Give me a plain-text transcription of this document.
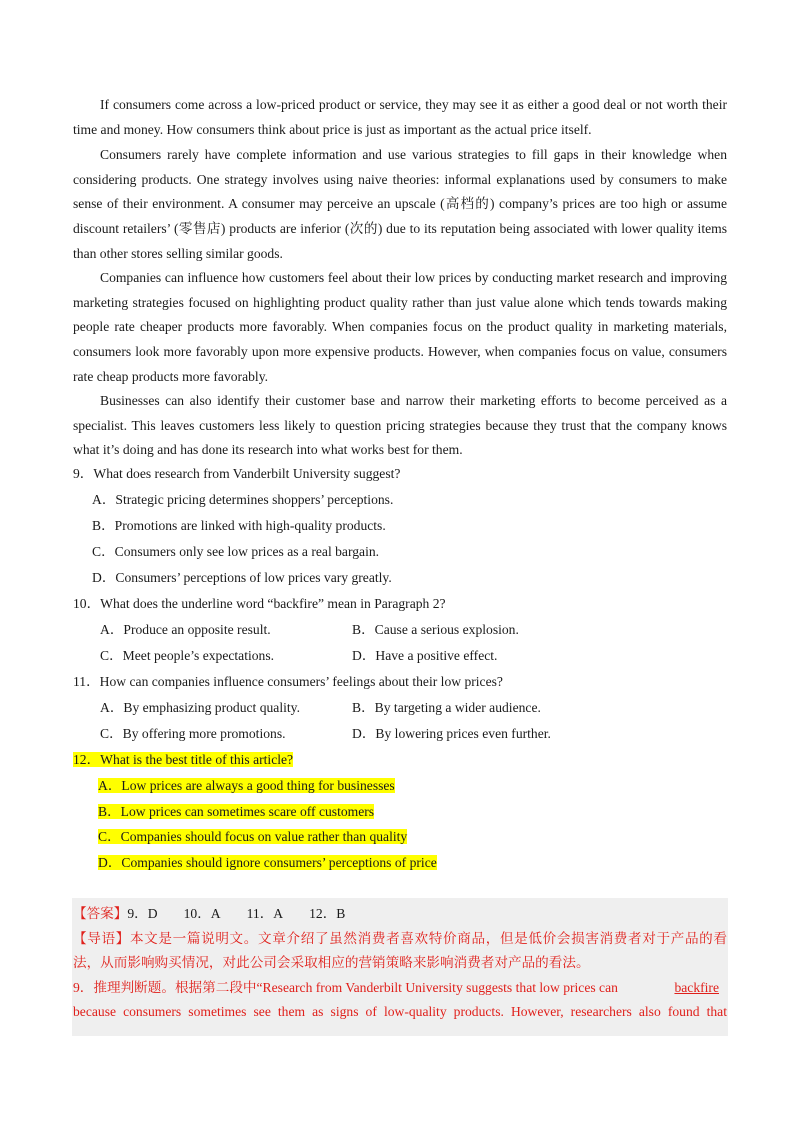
If consumers come across a low-priced product or service, they may see it as either a good deal or not worth their time and money. How consumers think about price is just as important as the actual price itself.

Consumers rarely have complete information and use various strategies to fill gaps in their knowledge when considering products. One strategy involves using naive theories: informal explanations used by consumers to make sense of their environment. A consumer may perceive an upscale (高档的) company’s prices are too high or assume discount retailers’ (零售店) products are inferior (次的) due to its reputation being associated with lower quality items than other stores selling similar goods.

Companies can influence how customers feel about their low prices by conducting market research and improving marketing strategies focused on highlighting product quality rather than just value alone which tends towards making people rate cheaper products more favorably. When companies focus on the product quality in marketing materials, consumers look more favorably upon more expensive products. However, when companies focus on value, consumers rate cheap products more favorably.

Businesses can also identify their customer base and narrow their marketing efforts to become perceived as a specialist. This leaves customers less likely to question pricing strategies because they trust that the company knows what it’s doing and has done its research into what works best for them.

9．What does research from Vanderbilt University suggest?
A．Strategic pricing determines shoppers’ perceptions.
B．Promotions are linked with high-quality products.
C．Consumers only see low prices as a real bargain.
D．Consumers’ perceptions of low prices vary greatly.
10．What does the underline word “backfire” mean in Paragraph 2?
A．Produce an opposite result.	B．Cause a serious explosion.
C．Meet people’s expectations.	D．Have a positive effect.
11．How can companies influence consumers’ feelings about their low prices?
A．By emphasizing product quality.	B．By targeting a wider audience.
C．By offering more promotions.	D．By lowering prices even further.
12．What is the best title of this article?
A．Low prices are always a good thing for businesses
B．Low prices can sometimes scare off customers
C．Companies should focus on value rather than quality
D．Companies should ignore consumers’ perceptions of price
【答案】9．D 10．A 11．A 12．B
【导语】本文是一篇说明文。文章介绍了虽然消费者喜欢特价商品，但是低价会损害消费者对于产品的看
法，从而影响购买情况，对此公司会采取相应的营销策略来影响消费者对产品的看法。
9．推理判断题。根据第二段中“Research from Vanderbilt University suggests that low prices can	backfire
because consumers sometimes see them as signs of low-quality products. However, researchers also found that
